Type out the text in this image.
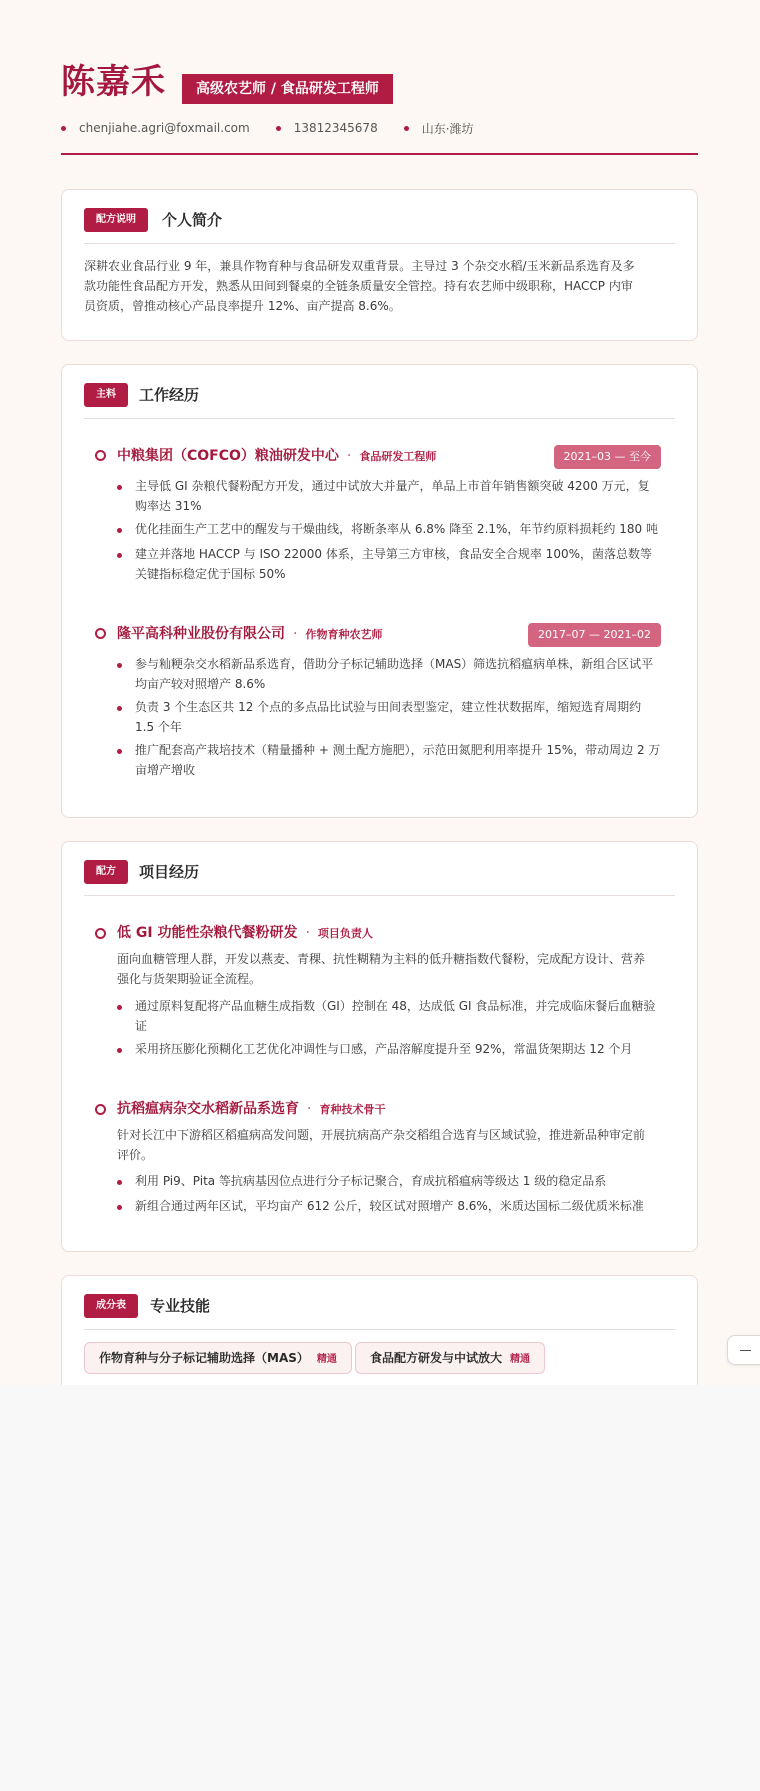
陈嘉禾	高级农艺师 / 食品研发工程师
chenjiahe.agri@foxmail.com	13812345678	山东·潍坊
配方说明	个人简介
深耕农业食品行业 9 年，兼具作物育种与食品研发双重背景。主导过 3 个杂交水稻/玉米新品系选育及多
款功能性食品配方开发，熟悉从田间到餐桌的全链条质量安全管控。持有农艺师中级职称，HACCP 内审
员资质，曾推动核心产品良率提升 12%、亩产提高 8.6%。
主料	工作经历
中粮集团（COFCO）粮油研发中心 · 食品研发工程师	2021–03 — 至今
主导低 GI 杂粮代餐粉配方开发，通过中试放大并量产，单品上市首年销售额突破 4200 万元，复
购率达 31%
优化挂面生产工艺中的醒发与干燥曲线，将断条率从 6.8% 降至 2.1%，年节约原料损耗约 180 吨
建立并落地 HACCP 与 ISO 22000 体系，主导第三方审核，食品安全合规率 100%，菌落总数等
关键指标稳定优于国标 50%
隆平高科种业股份有限公司 · 作物育种农艺师	2017–07 — 2021–02
参与籼粳杂交水稻新品系选育，借助分子标记辅助选择（MAS）筛选抗稻瘟病单株，新组合区试平
均亩产较对照增产 8.6%
负责 3 个生态区共 12 个点的多点品比试验与田间表型鉴定，建立性状数据库，缩短选育周期约
1.5 个年
推广配套高产栽培技术（精量播种 + 测土配方施肥），示范田氮肥利用率提升 15%，带动周边 2 万
亩增产增收
配方	项目经历
低 GI 功能性杂粮代餐粉研发 · 项目负责人
面向血糖管理人群，开发以燕麦、青稞、抗性糊精为主料的低升糖指数代餐粉，完成配方设计、营养
强化与货架期验证全流程。
通过原料复配将产品血糖生成指数（GI）控制在 48，达成低 GI 食品标准，并完成临床餐后血糖验
证
采用挤压膨化预糊化工艺优化冲调性与口感，产品溶解度提升至 92%，常温货架期达 12 个月
抗稻瘟病杂交水稻新品系选育 · 育种技术骨干
针对长江中下游稻区稻瘟病高发问题，开展抗病高产杂交稻组合选育与区域试验，推进新品种审定前
评价。
利用 Pi9、Pita 等抗病基因位点进行分子标记聚合，育成抗稻瘟病等级达 1 级的稳定品系
新组合通过两年区试，平均亩产 612 公斤，较区试对照增产 8.6%，米质达国标二级优质米标准
成分表	专业技能
作物育种与分子标记辅助选择（MAS） 精通	食品配方研发与中试放大 精通
